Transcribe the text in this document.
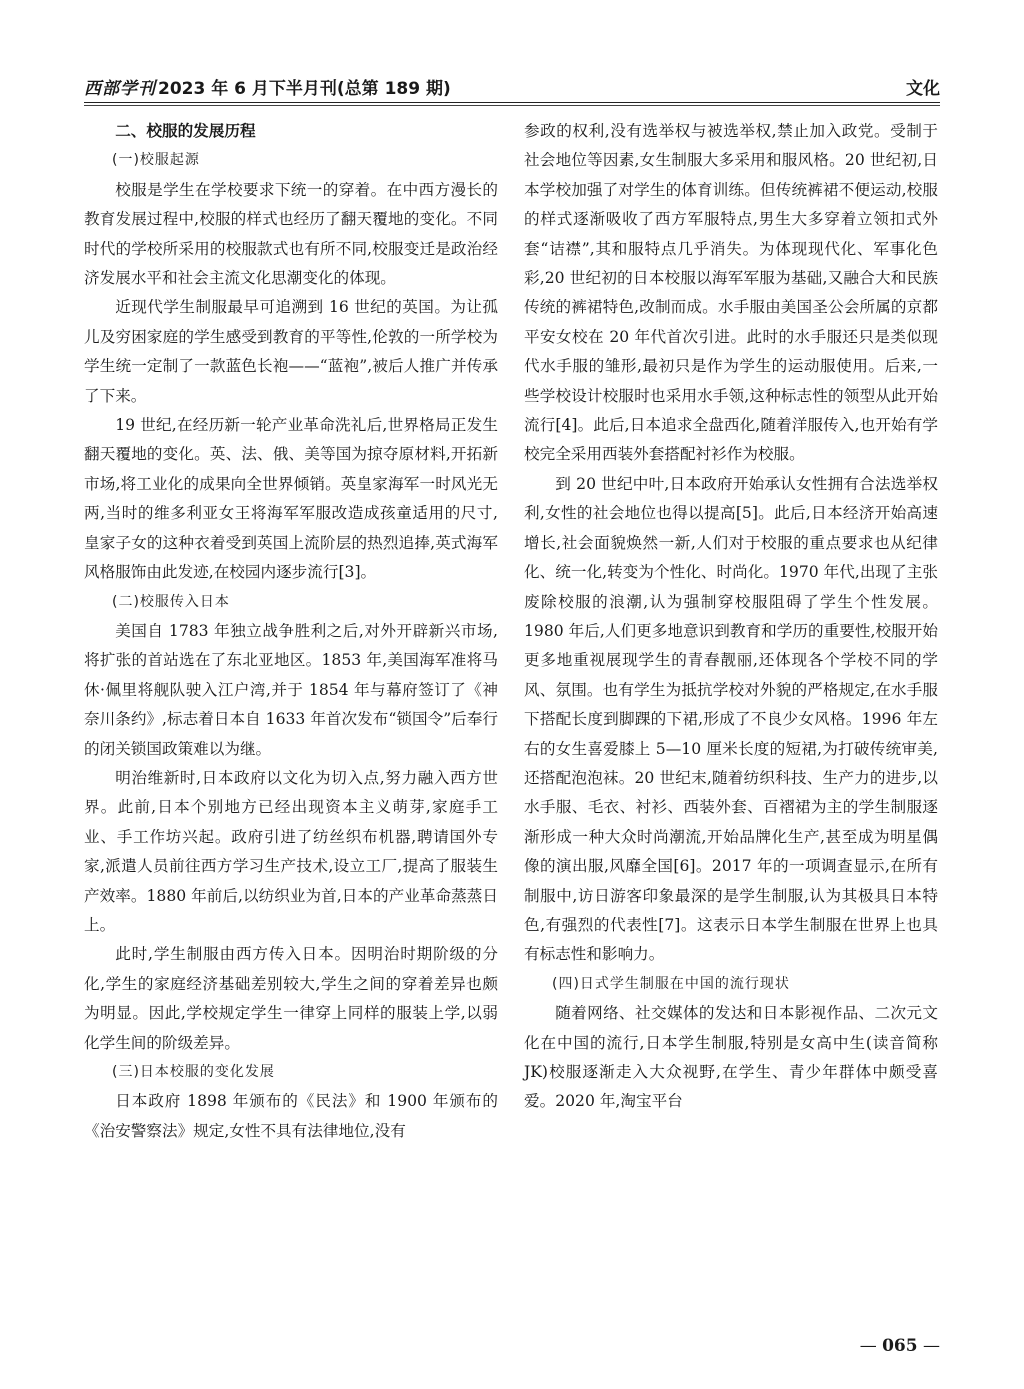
西部学刊 2023 年 6 月下半月刊(总第 189 期)	文化
二、校服的发展历程
(一)校服起源

校服是学生在学校要求下统一的穿着。在中西方漫长的教育发展过程中,校服的样式也经历了翻天覆地的变化。不同时代的学校所采用的校服款式也有所不同,校服变迁是政治经济发展水平和社会主流文化思潮变化的体现。

近现代学生制服最早可追溯到 16 世纪的英国。为让孤儿及穷困家庭的学生感受到教育的平等性,伦敦的一所学校为学生统一定制了一款蓝色长袍——“蓝袍”,被后人推广并传承了下来。

19 世纪,在经历新一轮产业革命洗礼后,世界格局正发生翻天覆地的变化。英、法、俄、美等国为掠夺原材料,开拓新市场,将工业化的成果向全世界倾销。英皇家海军一时风光无两,当时的维多利亚女王将海军军服改造成孩童适用的尺寸,皇家子女的这种衣着受到英国上流阶层的热烈追捧,英式海军风格服饰由此发迹,在校园内逐步流行[3]。

(二)校服传入日本

美国自 1783 年独立战争胜利之后,对外开辟新兴市场,将扩张的首站选在了东北亚地区。1853 年,美国海军准将马休·佩里将舰队驶入江户湾,并于 1854 年与幕府签订了《神奈川条约》,标志着日本自 1633 年首次发布“锁国令”后奉行的闭关锁国政策难以为继。

明治维新时,日本政府以文化为切入点,努力融入西方世界。此前,日本个别地方已经出现资本主义萌芽,家庭手工业、手工作坊兴起。政府引进了纺丝织布机器,聘请国外专家,派遣人员前往西方学习生产技术,设立工厂,提高了服装生产效率。1880 年前后,以纺织业为首,日本的产业革命蒸蒸日上。

此时,学生制服由西方传入日本。因明治时期阶级的分化,学生的家庭经济基础差别较大,学生之间的穿着差异也颇为明显。因此,学校规定学生一律穿上同样的服装上学,以弱化学生间的阶级差异。

(三)日本校服的变化发展

日本政府 1898 年颁布的《民法》和 1900 年颁布的《治安警察法》规定,女性不具有法律地位,没有

参政的权利,没有选举权与被选举权,禁止加入政党。受制于社会地位等因素,女生制服大多采用和服风格。20 世纪初,日本学校加强了对学生的体育训练。但传统裤裙不便运动,校服的样式逐渐吸收了西方军服特点,男生大多穿着立领扣式外套“诘襟”,其和服特点几乎消失。为体现现代化、军事化色彩,20 世纪初的日本校服以海军军服为基础,又融合大和民族传统的裤裙特色,改制而成。水手服由美国圣公会所属的京都平安女校在 20 年代首次引进。此时的水手服还只是类似现代水手服的雏形,最初只是作为学生的运动服使用。后来,一些学校设计校服时也采用水手领,这种标志性的领型从此开始流行[4]。此后,日本追求全盘西化,随着洋服传入,也开始有学校完全采用西装外套搭配衬衫作为校服。

到 20 世纪中叶,日本政府开始承认女性拥有合法选举权利,女性的社会地位也得以提高[5]。此后,日本经济开始高速增长,社会面貌焕然一新,人们对于校服的重点要求也从纪律化、统一化,转变为个性化、时尚化。1970 年代,出现了主张废除校服的浪潮,认为强制穿校服阻碍了学生个性发展。1980 年后,人们更多地意识到教育和学历的重要性,校服开始更多地重视展现学生的青春靓丽,还体现各个学校不同的学风、氛围。也有学生为抵抗学校对外貌的严格规定,在水手服下搭配长度到脚踝的下裙,形成了不良少女风格。1996 年左右的女生喜爱膝上 5—10 厘米长度的短裙,为打破传统审美,还搭配泡泡袜。20 世纪末,随着纺织科技、生产力的进步,以水手服、毛衣、衬衫、西装外套、百褶裙为主的学生制服逐渐形成一种大众时尚潮流,开始品牌化生产,甚至成为明星偶像的演出服,风靡全国[6]。2017 年的一项调查显示,在所有制服中,访日游客印象最深的是学生制服,认为其极具日本特色,有强烈的代表性[7]。这表示日本学生制服在世界上也具有标志性和影响力。

(四)日式学生制服在中国的流行现状

随着网络、社交媒体的发达和日本影视作品、二次元文化在中国的流行,日本学生制服,特别是女高中生(读音简称 JK)校服逐渐走入大众视野,在学生、青少年群体中颇受喜爱。2020 年,淘宝平台

— 065 —
